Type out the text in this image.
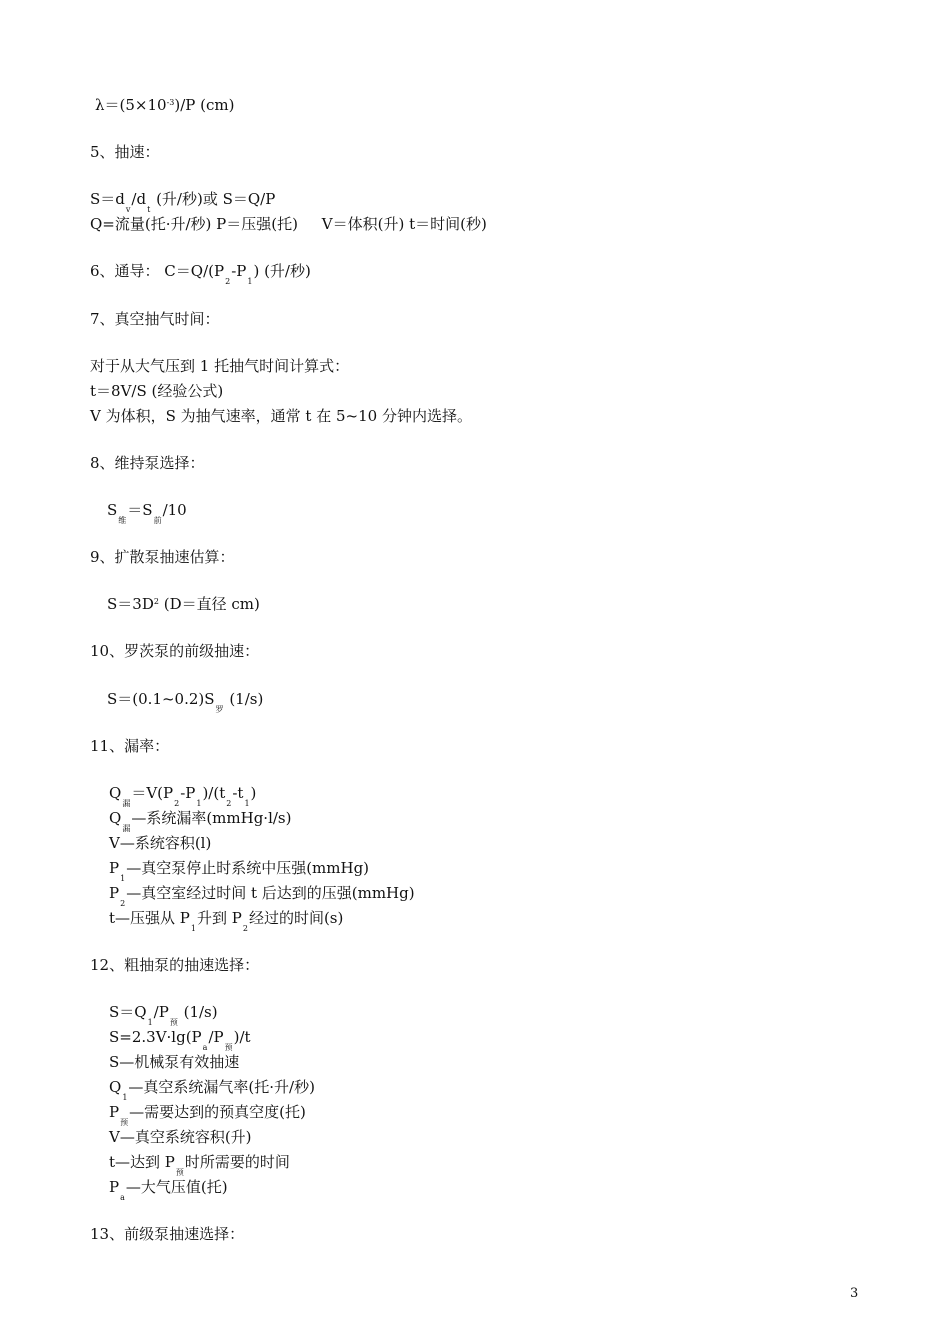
$\lambda=(5\times 10^{-3})/P$ (cm)
5、抽速：
S＝dv/dt (升/秒)或 S＝Q/P
Q=流量(托·升/秒) P＝压强(托)     V＝体积(升) t＝时间(秒)
6、通导： C＝Q/(P2-P1) (升/秒)
7、真空抽气时间：
对于从大气压到 1 托抽气时间计算式：
t＝8V/S (经验公式)
V 为体积，S 为抽气速率，通常 t 在 5~10 分钟内选择。
8、维持泵选择：
S维＝S前/10
9、扩散泵抽速估算：
$S=3D^2$ (D＝直径 cm)
10、罗茨泵的前级抽速：
S＝(0.1~0.2)S罗 (1/s)
11、漏率：
Q漏＝V(P2-P1)/(t2-t1)
Q漏—系统漏率(mmHg·l/s)
V—系统容积(l)
P1—真空泵停止时系统中压强(mmHg)
P2—真空室经过时间 t 后达到的压强(mmHg)
t—压强从 P1升到 P2经过的时间(s)
12、粗抽泵的抽速选择：
S＝Q1/P预 (1/s)
S=2.3V·lg(Pa/P预)/t
S—机械泵有效抽速
Q1—真空系统漏气率(托·升/秒)
P预—需要达到的预真空度(托)
V—真空系统容积(升)
t—达到 P预时所需要的时间
Pa—大气压值(托)
13、前级泵抽速选择：
3
